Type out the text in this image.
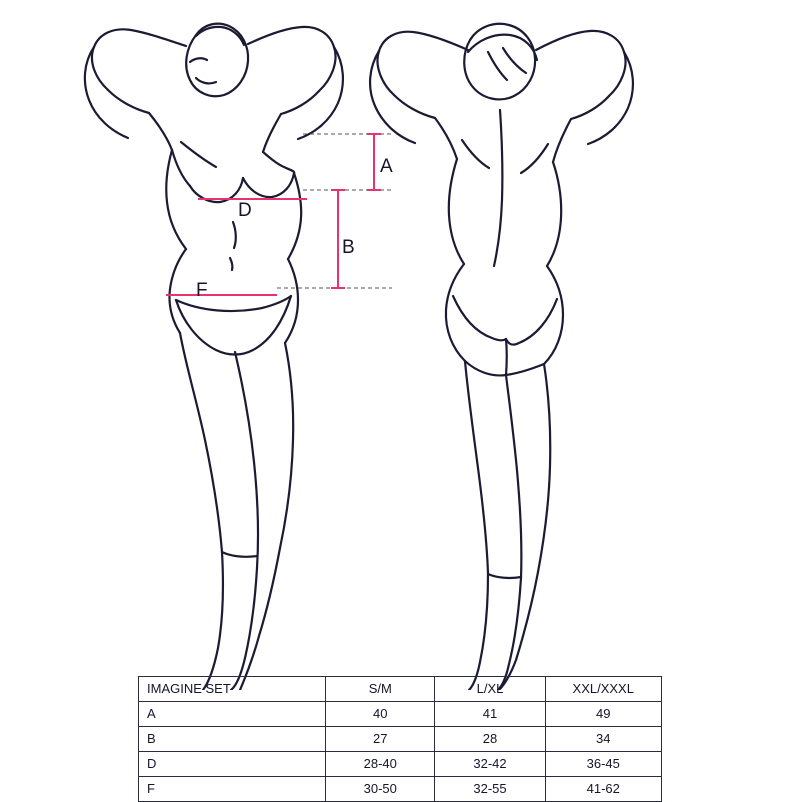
A
B
D
F
IMAGINE SET	S/M	L/XL	XXL/XXXL
A	40	41	49
B	27	28	34
D	28-40	32-42	36-45
F	30-50	32-55	41-62
